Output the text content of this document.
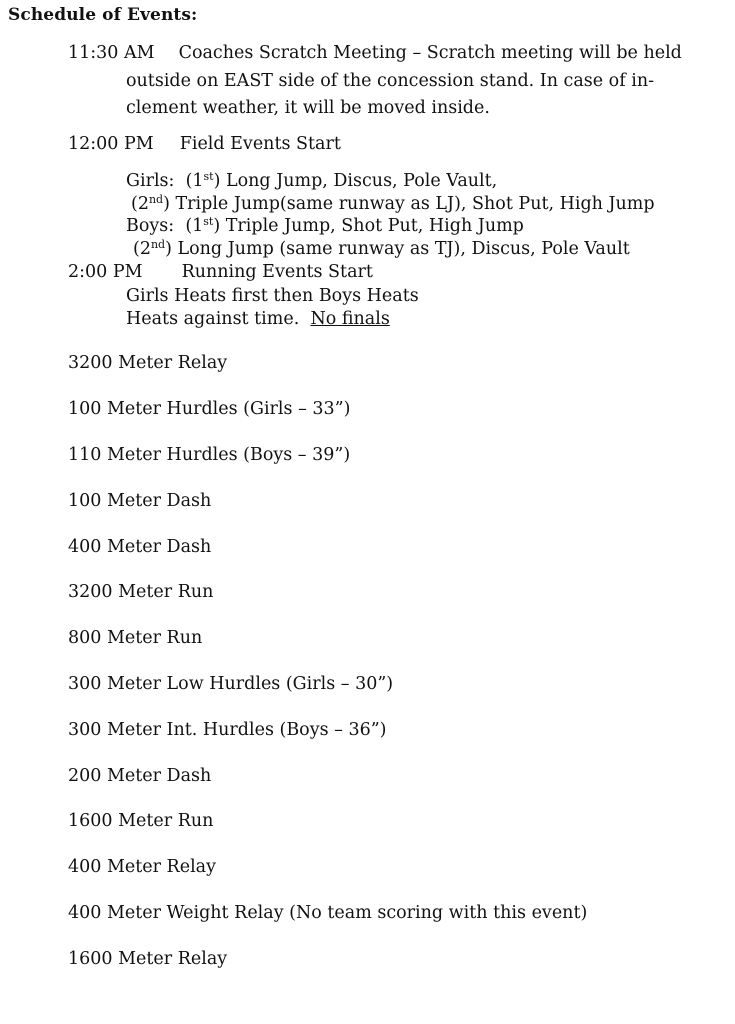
Schedule of Events:
11:30 AM Coaches Scratch Meeting – Scratch meeting will be held
outside on EAST side of the concession stand. In case of in-
clement weather, it will be moved inside.
12:00 PM Field Events Start
Girls: (1st) Long Jump, Discus, Pole Vault,
(2nd) Triple Jump(same runway as LJ), Shot Put, High Jump
Boys: (1st) Triple Jump, Shot Put, High Jump
(2nd) Long Jump (same runway as TJ), Discus, Pole Vault
2:00 PM Running Events Start
Girls Heats first then Boys Heats
Heats against time. No finals
3200 Meter Relay
100 Meter Hurdles (Girls – 33”)
110 Meter Hurdles (Boys – 39”)
100 Meter Dash
400 Meter Dash
3200 Meter Run
800 Meter Run
300 Meter Low Hurdles (Girls – 30”)
300 Meter Int. Hurdles (Boys – 36”)
200 Meter Dash
1600 Meter Run
400 Meter Relay
400 Meter Weight Relay (No team scoring with this event)
1600 Meter Relay
